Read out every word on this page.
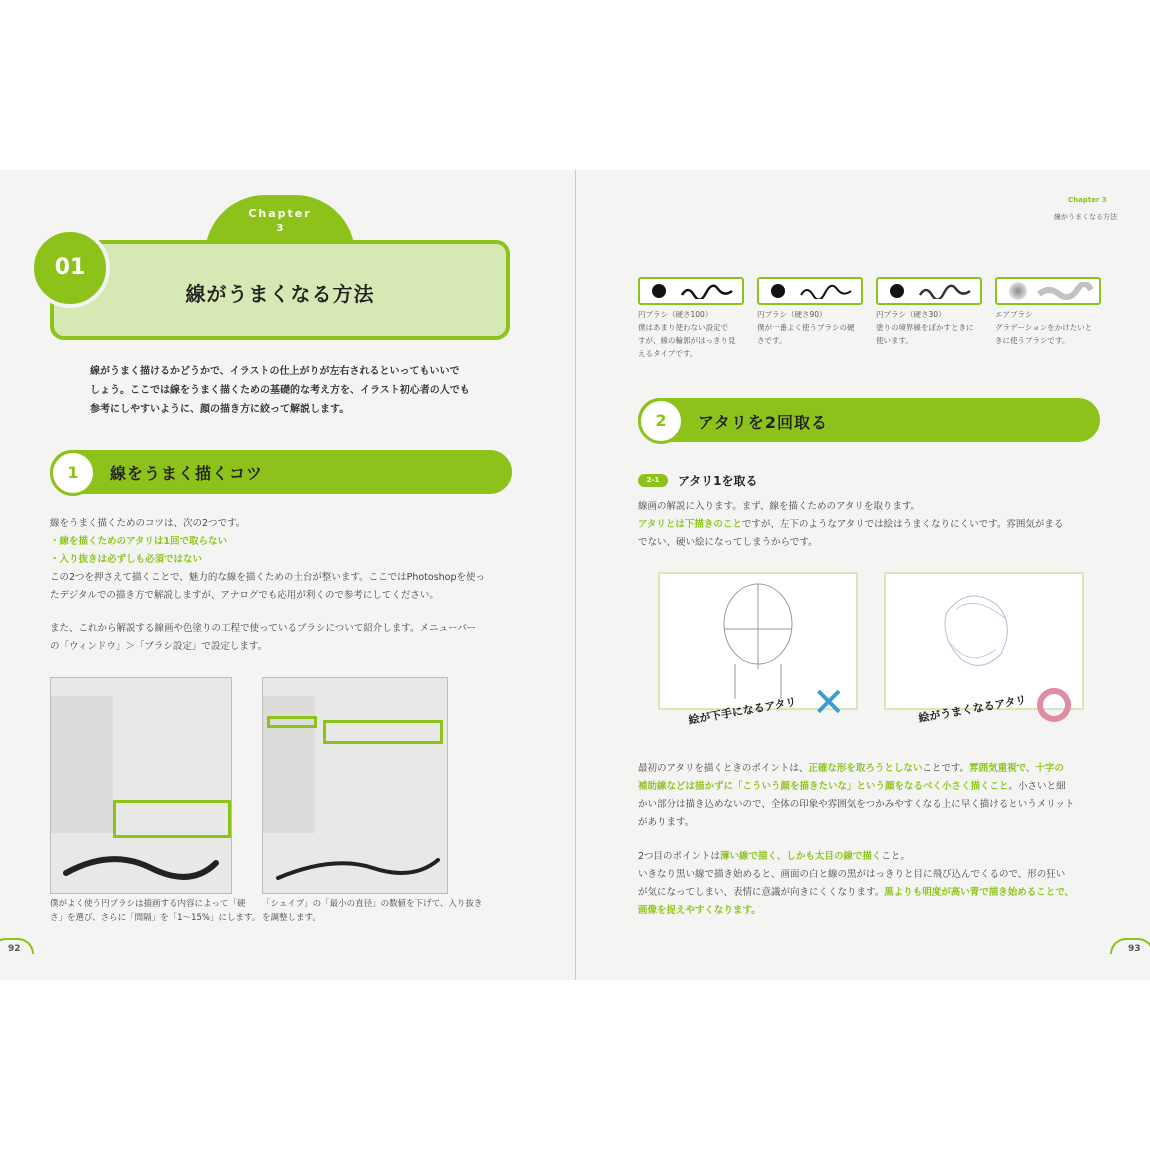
Chapter
3
線がうまくなる方法
01
線がうまく描けるかどうかで、イラストの仕上がりが左右されるといってもいいで
しょう。ここでは線をうまく描くための基礎的な考え方を、イラスト初心者の人でも
参考にしやすいように、顔の描き方に絞って解説します。
1	線をうまく描くコツ
線をうまく描くためのコツは、次の2つです。
・線を描くためのアタリは1回で取らない
・入り抜きは必ずしも必須ではない
この2つを押さえて描くことで、魅力的な線を描くための土台が整います。ここではPhotoshopを使っ
たデジタルでの描き方で解説しますが、アナログでも応用が利くので参考にしてください。
また、これから解説する線画や色塗りの工程で使っているブラシについて紹介します。メニューバー
の「ウィンドウ」＞「ブラシ設定」で設定します。
僕がよく使う円ブラシは描画する内容によって「硬
さ」を選び、さらに「間隔」を「1〜15%」にします。
「シェイプ」の「最小の直径」の数値を下げて、入り抜き
を調整します。
92
Chapter 3
線がうまくなる方法
円ブラシ（硬さ100）
僕はあまり使わない設定で
すが、線の輪郭がはっきり見
えるタイプです。
円ブラシ（硬さ90）
僕が一番よく使うブラシの硬
さです。
円ブラシ（硬さ30）
塗りの境界線をぼかすときに
使います。
エアブラシ
グラデーションをかけたいと
きに使うブラシです。
2	アタリを2回取る
2-1	アタリ1を取る
線画の解説に入ります。まず、線を描くためのアタリを取ります。
アタリとは下描きのことですが、左下のようなアタリでは絵はうまくなりにくいです。雰囲気がまる
でない、硬い絵になってしまうからです。
絵が下手になるアタリ ✕	絵がうまくなるアタリ
最初のアタリを描くときのポイントは、正確な形を取ろうとしないことです。雰囲気重視で、十字の
補助線などは描かずに「こういう顔を描きたいな」という顔をなるべく小さく描くこと。小さいと細
かい部分は描き込めないので、全体の印象や雰囲気をつかみやすくなる上に早く描けるというメリット
があります。
2つ目のポイントは薄い線で描く、しかも太目の線で描くこと。
いきなり黒い線で描き始めると、画面の白と線の黒がはっきりと目に飛び込んでくるので、形の狂い
が気になってしまい、表情に意識が向きにくくなります。黒よりも明度が高い青で描き始めることで、
画像を捉えやすくなります。
93
